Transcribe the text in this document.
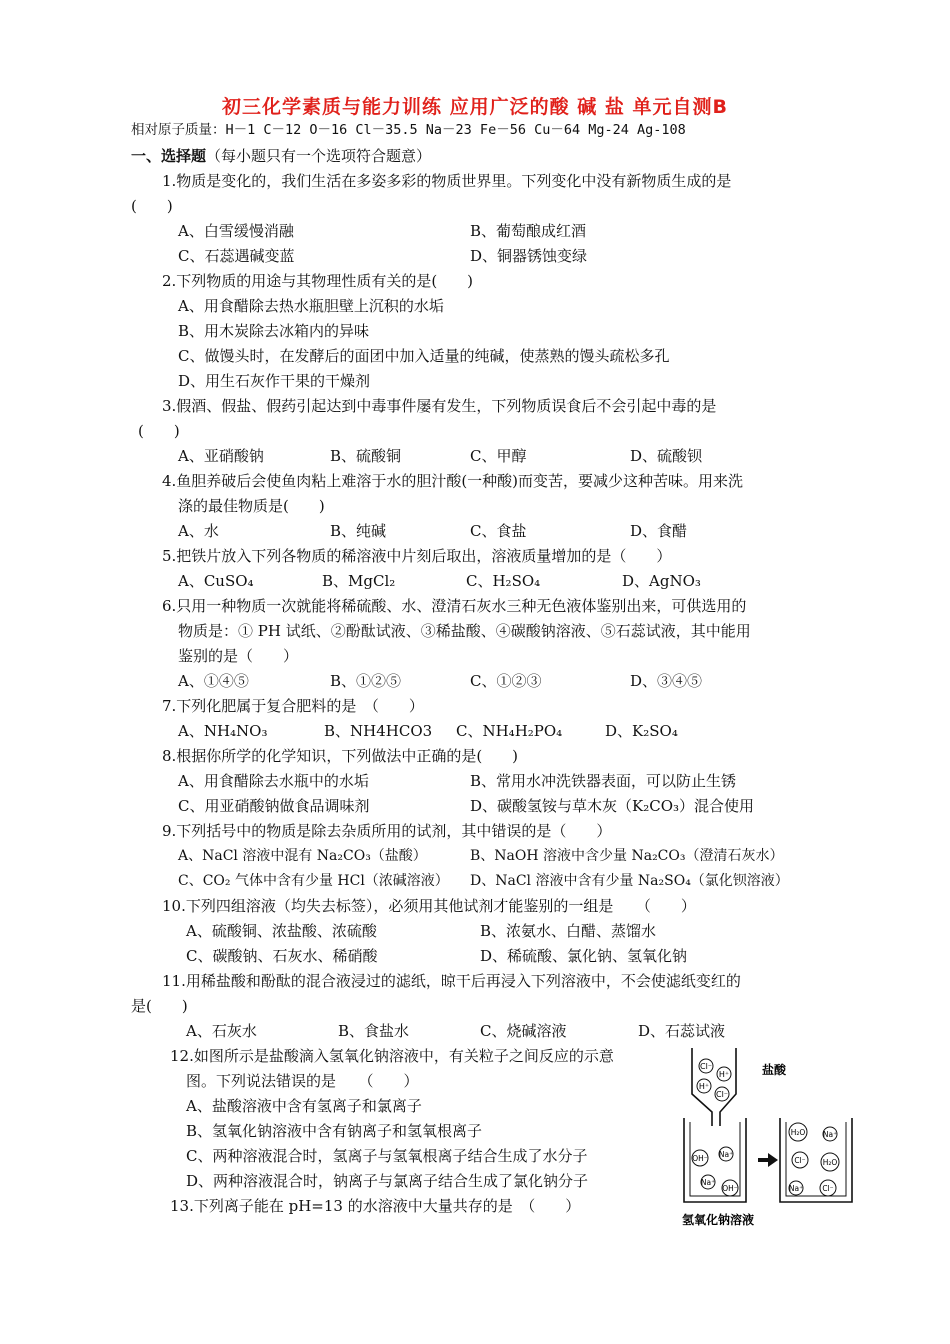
初三化学素质与能力训练 应用广泛的酸 碱 盐 单元自测B
相对原子质量：H－1 C－12 O－16 Cl－35.5 Na－23 Fe－56 Cu－64 Mg-24 Ag-108
一、选择题（每小题只有一个选项符合题意）
1.物质是变化的，我们生活在多姿多彩的物质世界里。下列变化中没有新物质生成的是
(　　)
A、白雪缓慢消融	B、葡萄酿成红酒
C、石蕊遇碱变蓝	D、铜器锈蚀变绿
2.下列物质的用途与其物理性质有关的是(　　)
A、用食醋除去热水瓶胆壁上沉积的水垢
B、用木炭除去冰箱内的异味
C、做馒头时，在发酵后的面团中加入适量的纯碱，使蒸熟的馒头疏松多孔
D、用生石灰作干果的干燥剂
3.假酒、假盐、假药引起达到中毒事件屡有发生，下列物质误食后不会引起中毒的是
(　　)
A、亚硝酸钠	B、硫酸铜	C、甲醇	D、硫酸钡
4.鱼胆养破后会使鱼肉粘上难溶于水的胆汁酸(一种酸)而变苦，要减少这种苦味。用来洗
涤的最佳物质是(　　)
A、水	B、纯碱	C、食盐	D、食醋
5.把铁片放入下列各物质的稀溶液中片刻后取出，溶液质量增加的是（　　）
A、CuSO₄	B、MgCl₂	C、H₂SO₄	D、AgNO₃
6.只用一种物质一次就能将稀硫酸、水、澄清石灰水三种无色液体鉴别出来，可供选用的
物质是：① PH 试纸、②酚酞试液、③稀盐酸、④碳酸钠溶液、⑤石蕊试液，其中能用
鉴别的是（　　）
A、①④⑤	B、①②⑤	C、①②③	D、③④⑤
7.下列化肥属于复合肥料的是　（　　）
A、NH₄NO₃	B、NH4HCO3 C、NH₄H₂PO₄	D、K₂SO₄
8.根据你所学的化学知识，下列做法中正确的是(　　)
A、用食醋除去水瓶中的水垢	B、常用水冲洗铁器表面，可以防止生锈
C、用亚硝酸钠做食品调味剂	D、碳酸氢铵与草木灰（K₂CO₃）混合使用
9.下列括号中的物质是除去杂质所用的试剂，其中错误的是（　　）
A、NaCl 溶液中混有 Na₂CO₃（盐酸）	B、NaOH 溶液中含少量 Na₂CO₃（澄清石灰水）
C、CO₂ 气体中含有少量 HCl（浓碱溶液） D、NaCl 溶液中含有少量 Na₂SO₄（氯化钡溶液）
10.下列四组溶液（均失去标签），必须用其他试剂才能鉴别的一组是　　（　　）
A、硫酸铜、浓盐酸、浓硫酸	B、浓氨水、白醋、蒸馏水
C、碳酸钠、石灰水、稀硝酸	D、稀硫酸、氯化钠、氢氧化钠
11.用稀盐酸和酚酞的混合液浸过的滤纸，晾干后再浸入下列溶液中，不会使滤纸变红的
是(　　)
A、石灰水	B、食盐水	C、烧碱溶液	D、石蕊试液
12.如图所示是盐酸滴入氢氧化钠溶液中，有关粒子之间反应的示意
图。下列说法错误的是　　（　　）
A、盐酸溶液中含有氢离子和氯离子
B、氢氧化钠溶液中含有钠离子和氢氧根离子
C、两种溶液混合时，氢离子与氢氧根离子结合生成了水分子
D、两种溶液混合时，钠离子与氯离子结合生成了氯化钠分子
13.下列离子能在 pH=13 的水溶液中大量共存的是　（　　）
Cl⁻
H⁺
H⁺
Cl⁻
盐酸
OH⁻ Na⁺
Na⁺
OH⁻
H₂O Na⁺
Cl⁻ H₂O
Na⁺	Cl⁻
氢氧化钠溶液
